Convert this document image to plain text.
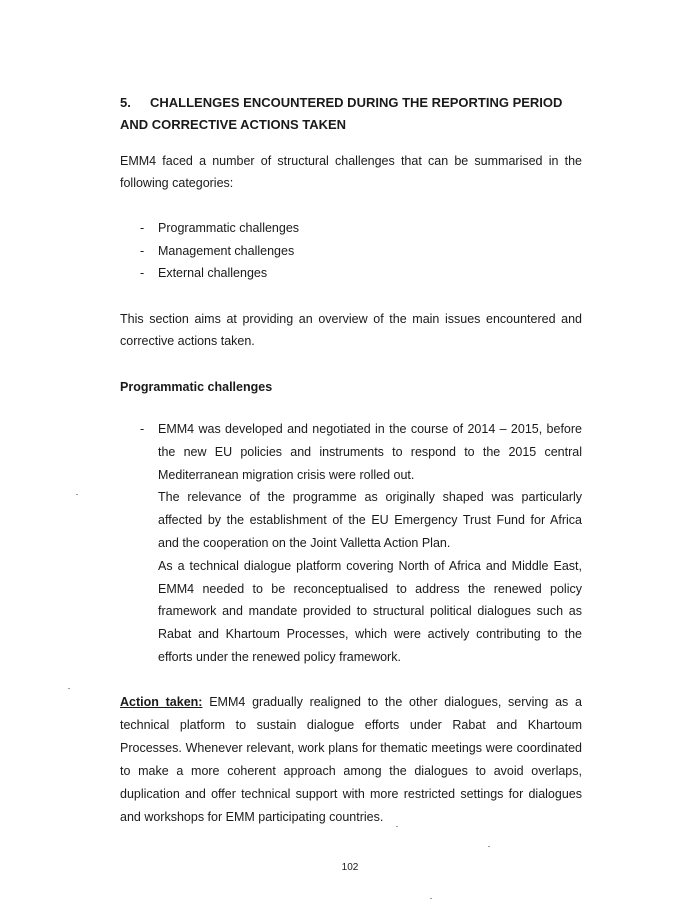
5. CHALLENGES ENCOUNTERED DURING THE REPORTING PERIOD AND CORRECTIVE ACTIONS TAKEN
EMM4 faced a number of structural challenges that can be summarised in the following categories:
- Programmatic challenges
- Management challenges
- External challenges
This section aims at providing an overview of the main issues encountered and corrective actions taken.
Programmatic challenges
- EMM4 was developed and negotiated in the course of 2014 – 2015, before the new EU policies and instruments to respond to the 2015 central Mediterranean migration crisis were rolled out.

The relevance of the programme as originally shaped was particularly affected by the establishment of the EU Emergency Trust Fund for Africa and the cooperation on the Joint Valletta Action Plan.

As a technical dialogue platform covering North of Africa and Middle East, EMM4 needed to be reconceptualised to address the renewed policy framework and mandate provided to structural political dialogues such as Rabat and Khartoum Processes, which were actively contributing to the efforts under the renewed policy framework.

Action taken: EMM4 gradually realigned to the other dialogues, serving as a technical platform to sustain dialogue efforts under Rabat and Khartoum Processes. Whenever relevant, work plans for thematic meetings were coordinated to make a more coherent approach among the dialogues to avoid overlaps, duplication and offer technical support with more restricted settings for dialogues and workshops for EMM participating countries.
102
